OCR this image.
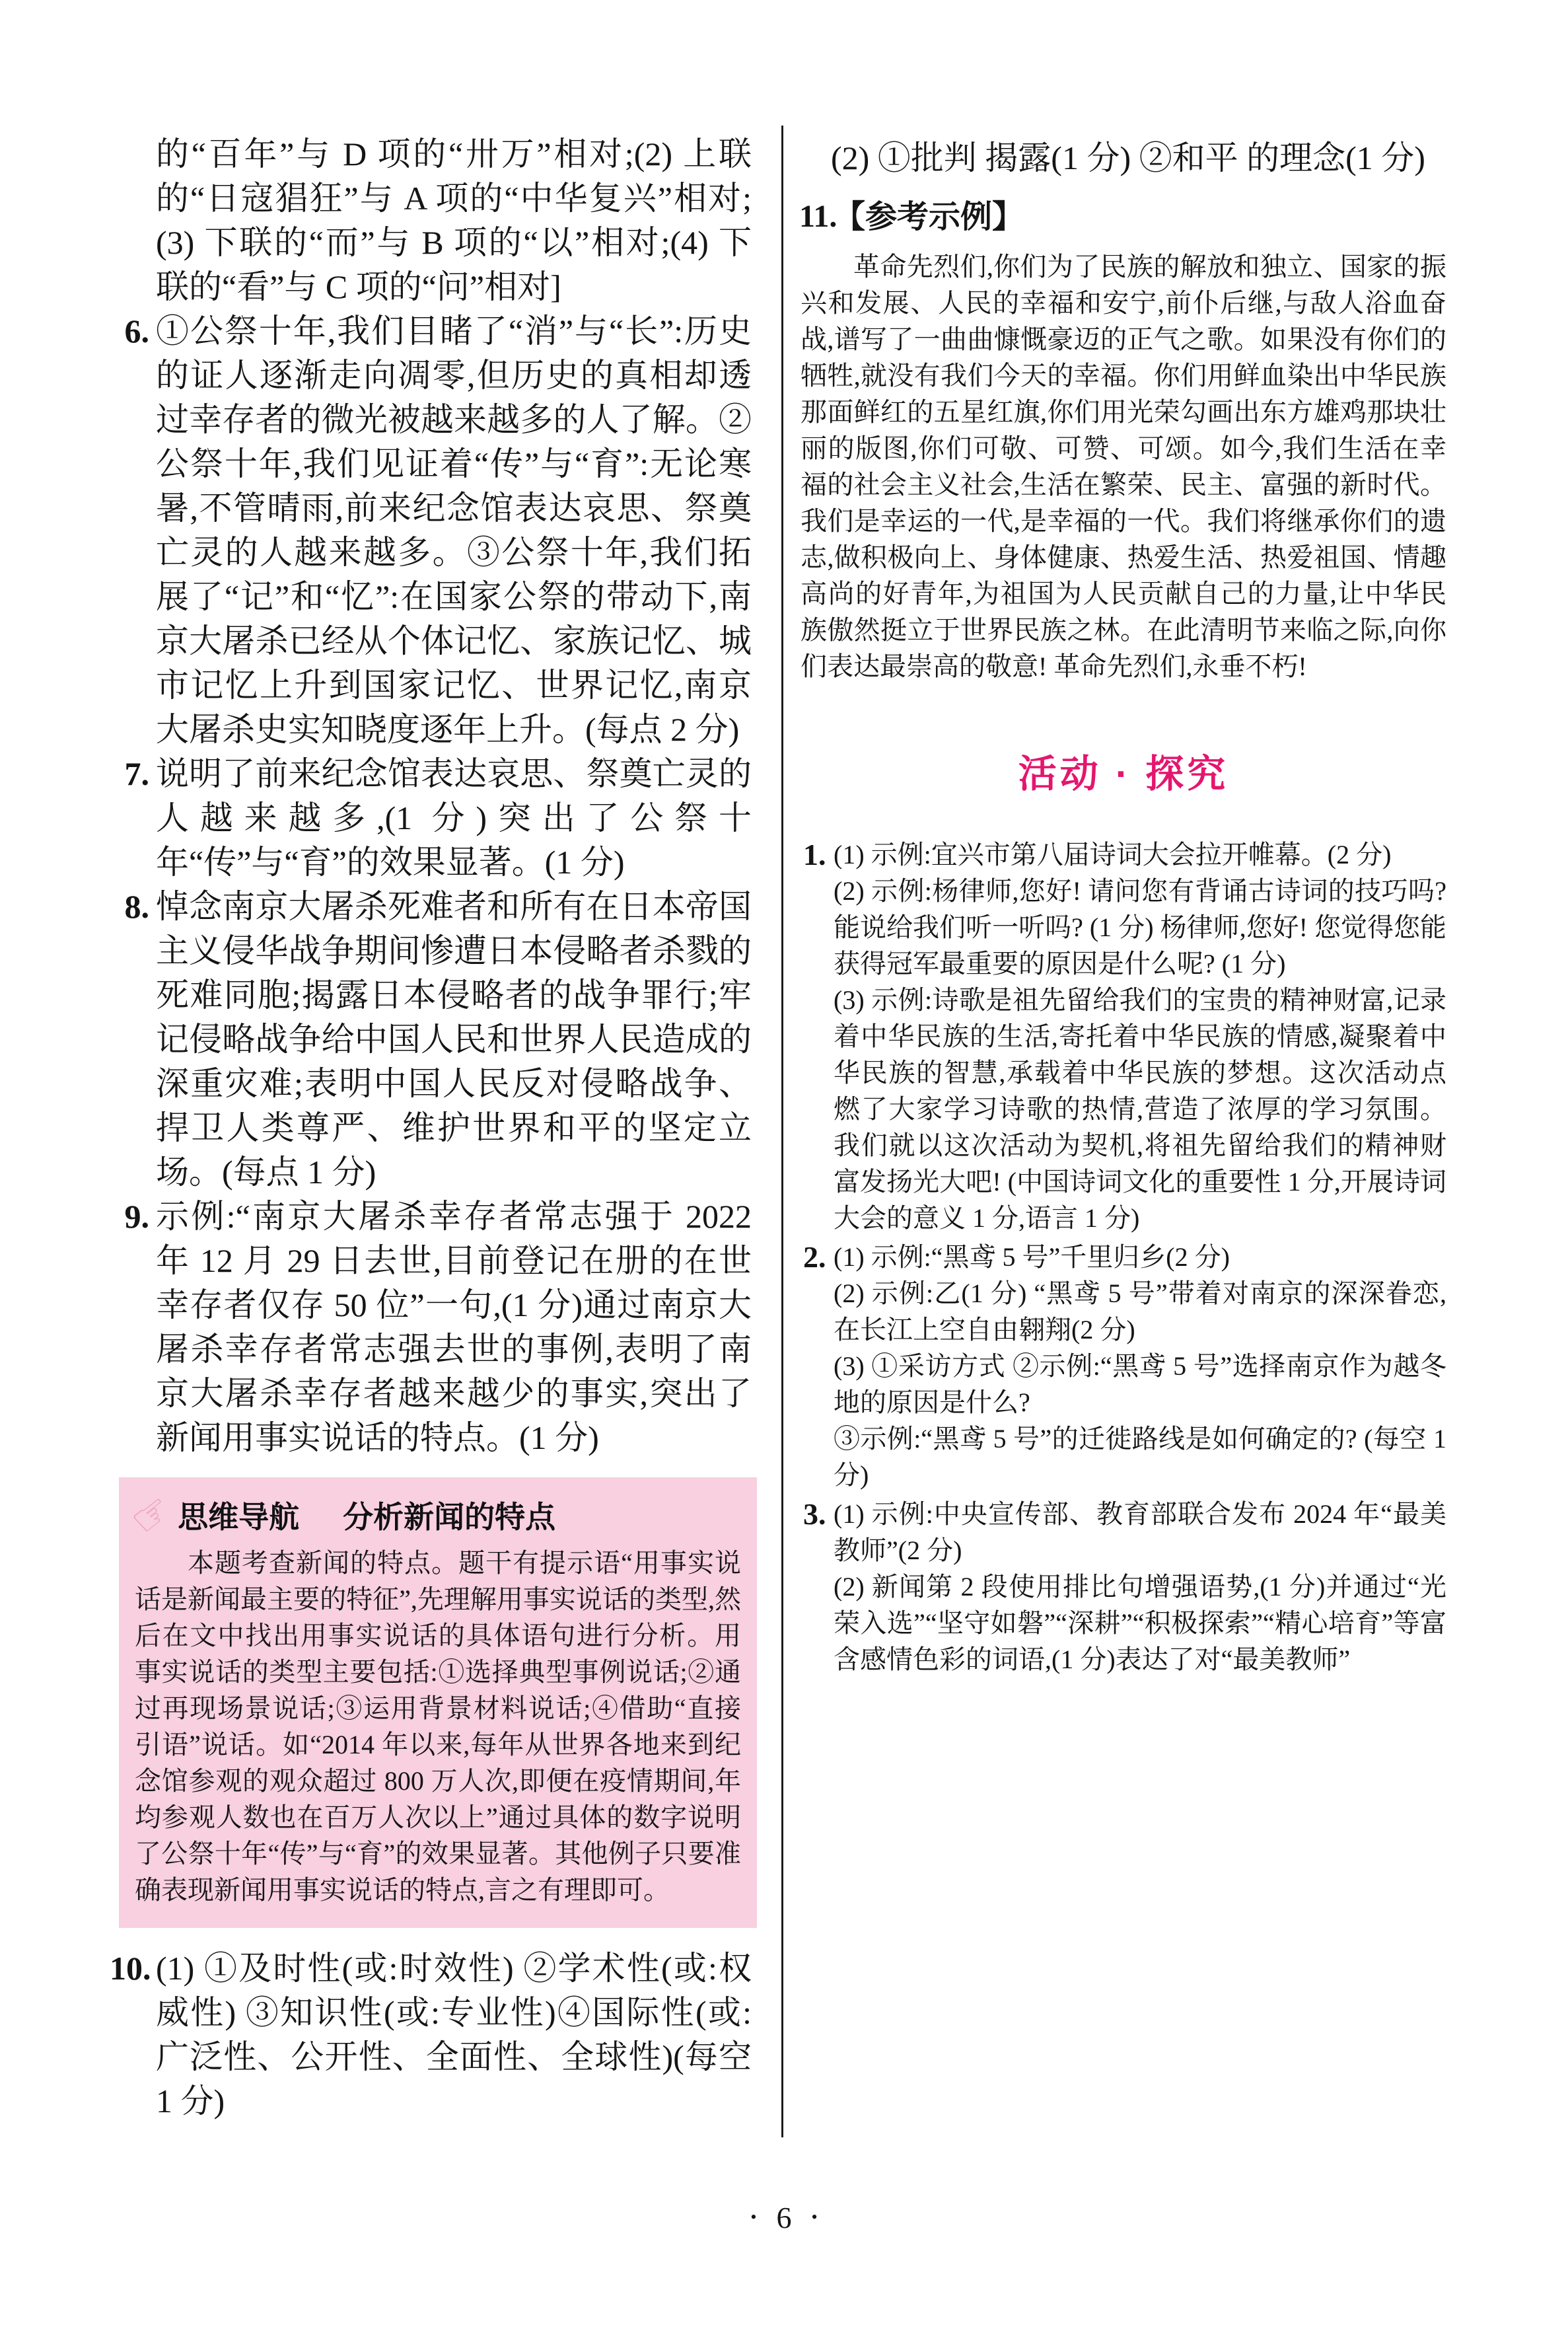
的“百年”与 D 项的“卅万”相对;(2) 上联的“日寇猖狂”与 A 项的“中华复兴”相对;(3) 下联的“而”与 B 项的“以”相对;(4) 下联的“看”与 C 项的“问”相对]
6. ①公祭十年,我们目睹了“消”与“长”:历史的证人逐渐走向凋零,但历史的真相却透过幸存者的微光被越来越多的人了解。②公祭十年,我们见证着“传”与“育”:无论寒暑,不管晴雨,前来纪念馆表达哀思、祭奠亡灵的人越来越多。③公祭十年,我们拓展了“记”和“忆”:在国家公祭的带动下,南京大屠杀已经从个体记忆、家族记忆、城市记忆上升到国家记忆、世界记忆,南京大屠杀史实知晓度逐年上升。(每点 2 分)
7. 说明了前来纪念馆表达哀思、祭奠亡灵的人越来越多,(1 分)突出了公祭十年“传”与“育”的效果显著。(1 分)
8. 悼念南京大屠杀死难者和所有在日本帝国主义侵华战争期间惨遭日本侵略者杀戮的死难同胞;揭露日本侵略者的战争罪行;牢记侵略战争给中国人民和世界人民造成的深重灾难;表明中国人民反对侵略战争、捍卫人类尊严、维护世界和平的坚定立场。(每点 1 分)
9. 示例:“南京大屠杀幸存者常志强于 2022 年 12 月 29 日去世,目前登记在册的在世幸存者仅存 50 位”一句,(1 分)通过南京大屠杀幸存者常志强去世的事例,表明了南京大屠杀幸存者越来越少的事实,突出了新闻用事实说话的特点。(1 分)
☞
思维导航 分析新闻的特点
本题考查新闻的特点。题干有提示语“用事实说话是新闻最主要的特征”,先理解用事实说话的类型,然后在文中找出用事实说话的具体语句进行分析。用事实说话的类型主要包括:①选择典型事例说话;②通过再现场景说话;③运用背景材料说话;④借助“直接引语”说话。如“2014 年以来,每年从世界各地来到纪念馆参观的观众超过 800 万人次,即便在疫情期间,年均参观人数也在百万人次以上”通过具体的数字说明了公祭十年“传”与“育”的效果显著。其他例子只要准确表现新闻用事实说话的特点,言之有理即可。
10. (1) ①及时性(或:时效性) ②学术性(或:权威性) ③知识性(或:专业性)④国际性(或:广泛性、公开性、全面性、全球性)(每空 1 分)
(2) ①批判 揭露(1 分) ②和平 的理念(1 分)
11.
【参考示例】
革命先烈们,你们为了民族的解放和独立、国家的振兴和发展、人民的幸福和安宁,前仆后继,与敌人浴血奋战,谱写了一曲曲慷慨豪迈的正气之歌。如果没有你们的牺牲,就没有我们今天的幸福。你们用鲜血染出中华民族那面鲜红的五星红旗,你们用光荣勾画出东方雄鸡那块壮丽的版图,你们可敬、可赞、可颂。如今,我们生活在幸福的社会主义社会,生活在繁荣、民主、富强的新时代。我们是幸运的一代,是幸福的一代。我们将继承你们的遗志,做积极向上、身体健康、热爱生活、热爱祖国、情趣高尚的好青年,为祖国为人民贡献自己的力量,让中华民族傲然挺立于世界民族之林。在此清明节来临之际,向你们表达最崇高的敬意! 革命先烈们,永垂不朽!
活动 · 探究
1. (1) 示例:宜兴市第八届诗词大会拉开帷幕。(2 分)
(2) 示例:杨律师,您好! 请问您有背诵古诗词的技巧吗? 能说给我们听一听吗? (1 分) 杨律师,您好! 您觉得您能获得冠军最重要的原因是什么呢? (1 分)
(3) 示例:诗歌是祖先留给我们的宝贵的精神财富,记录着中华民族的生活,寄托着中华民族的情感,凝聚着中华民族的智慧,承载着中华民族的梦想。这次活动点燃了大家学习诗歌的热情,营造了浓厚的学习氛围。我们就以这次活动为契机,将祖先留给我们的精神财富发扬光大吧! (中国诗词文化的重要性 1 分,开展诗词大会的意义 1 分,语言 1 分)
2. (1) 示例:“黑鸢 5 号”千里归乡(2 分)
(2) 示例:乙(1 分) “黑鸢 5 号”带着对南京的深深眷恋,在长江上空自由翱翔(2 分)
(3) ①采访方式 ②示例:“黑鸢 5 号”选择南京作为越冬地的原因是什么?
③示例:“黑鸢 5 号”的迁徙路线是如何确定的? (每空 1 分)
3. (1) 示例:中央宣传部、教育部联合发布 2024 年“最美教师”(2 分)
(2) 新闻第 2 段使用排比句增强语势,(1 分)并通过“光荣入选”“坚守如磐”“深耕”“积极探索”“精心培育”等富含感情色彩的词语,(1 分)表达了对“最美教师”
• 6 •
